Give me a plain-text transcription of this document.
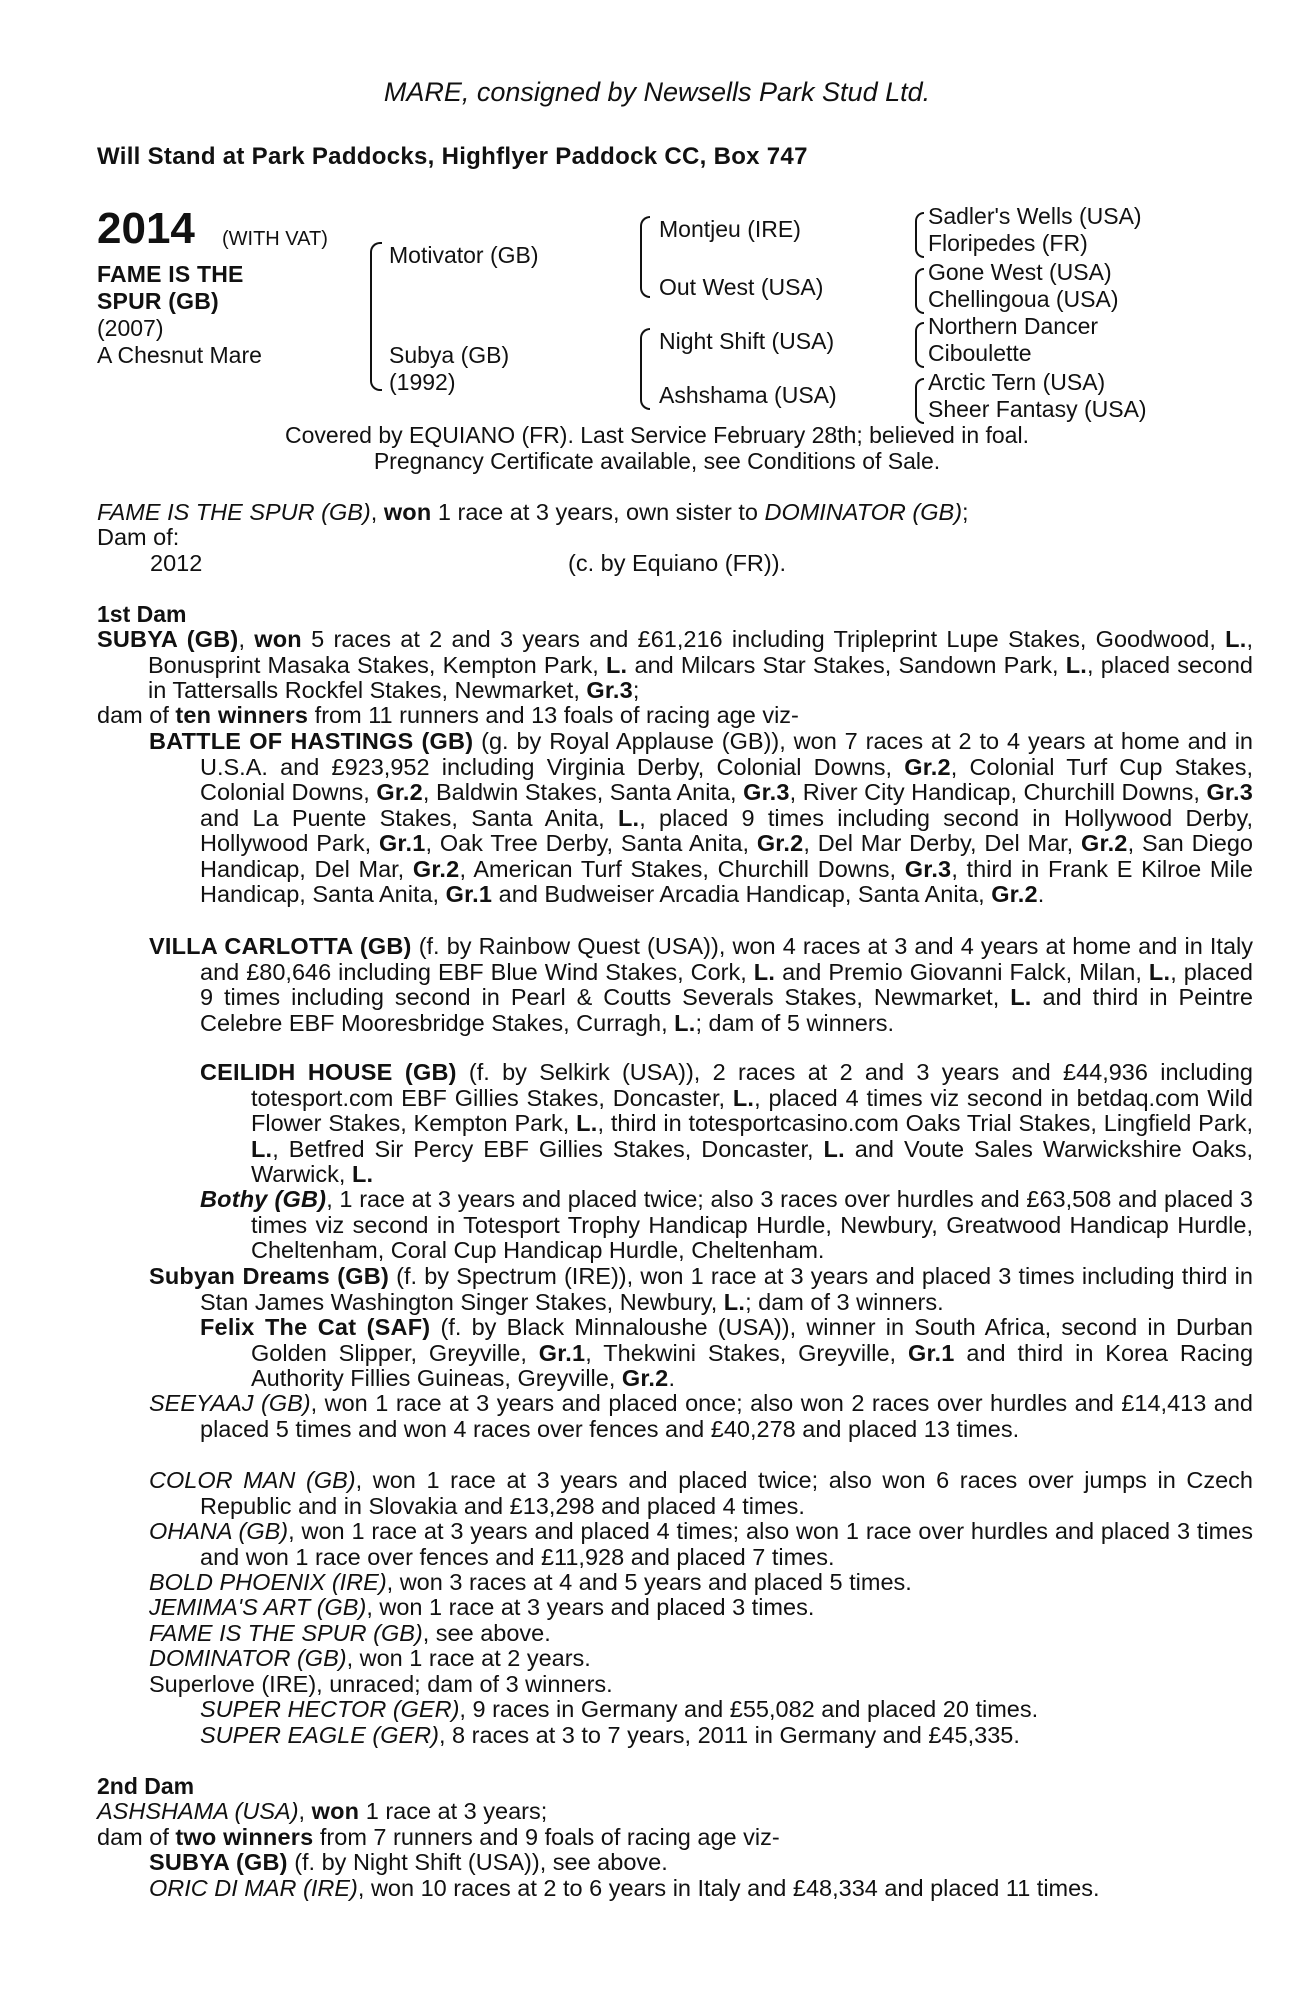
MARE, consigned by Newsells Park Stud Ltd.
Will Stand at Park Paddocks, Highflyer Paddock CC, Box 747
2014 (WITH VAT)
FAME IS THE
SPUR (GB)
(2007)
A Chesnut Mare
Motivator (GB)
Subya (GB)
(1992)
Montjeu (IRE)
Out West (USA)
Night Shift (USA)
Ashshama (USA)
Sadler's Wells (USA)
Floripedes (FR)
Gone West (USA)
Chellingoua (USA)
Northern Dancer
Ciboulette
Arctic Tern (USA)
Sheer Fantasy (USA)
Covered by EQUIANO (FR). Last Service February 28th; believed in foal.
Pregnancy Certificate available, see Conditions of Sale.
FAME IS THE SPUR (GB), won 1 race at 3 years, own sister to DOMINATOR (GB);
Dam of:
2012	(c. by Equiano (FR)).
1st Dam
SUBYA (GB), won 5 races at 2 and 3 years and £61,216 including Tripleprint Lupe Stakes, Goodwood, L., Bonusprint Masaka Stakes, Kempton Park, L. and Milcars Star Stakes, Sandown Park, L., placed second in Tattersalls Rockfel Stakes, Newmarket, Gr.3;
dam of ten winners from 11 runners and 13 foals of racing age viz-
BATTLE OF HASTINGS (GB) (g. by Royal Applause (GB)), won 7 races at 2 to 4 years at home and in U.S.A. and £923,952 including Virginia Derby, Colonial Downs, Gr.2, Colonial Turf Cup Stakes, Colonial Downs, Gr.2, Baldwin Stakes, Santa Anita, Gr.3, River City Handicap, Churchill Downs, Gr.3 and La Puente Stakes, Santa Anita, L., placed 9 times including second in Hollywood Derby, Hollywood Park, Gr.1, Oak Tree Derby, Santa Anita, Gr.2, Del Mar Derby, Del Mar, Gr.2, San Diego Handicap, Del Mar, Gr.2, American Turf Stakes, Churchill Downs, Gr.3, third in Frank E Kilroe Mile Handicap, Santa Anita, Gr.1 and Budweiser Arcadia Handicap, Santa Anita, Gr.2.
VILLA CARLOTTA (GB) (f. by Rainbow Quest (USA)), won 4 races at 3 and 4 years at home and in Italy and £80,646 including EBF Blue Wind Stakes, Cork, L. and Premio Giovanni Falck, Milan, L., placed 9 times including second in Pearl & Coutts Severals Stakes, Newmarket, L. and third in Peintre Celebre EBF Mooresbridge Stakes, Curragh, L.; dam of 5 winners.
CEILIDH HOUSE (GB) (f. by Selkirk (USA)), 2 races at 2 and 3 years and £44,936 including totesport.com EBF Gillies Stakes, Doncaster, L., placed 4 times viz second in betdaq.com Wild Flower Stakes, Kempton Park, L., third in totesportcasino.com Oaks Trial Stakes, Lingfield Park, L., Betfred Sir Percy EBF Gillies Stakes, Doncaster, L. and Voute Sales Warwickshire Oaks, Warwick, L.
Bothy (GB), 1 race at 3 years and placed twice; also 3 races over hurdles and £63,508 and placed 3 times viz second in Totesport Trophy Handicap Hurdle, Newbury, Greatwood Handicap Hurdle, Cheltenham, Coral Cup Handicap Hurdle, Cheltenham.
Subyan Dreams (GB) (f. by Spectrum (IRE)), won 1 race at 3 years and placed 3 times including third in Stan James Washington Singer Stakes, Newbury, L.; dam of 3 winners.
Felix The Cat (SAF) (f. by Black Minnaloushe (USA)), winner in South Africa, second in Durban Golden Slipper, Greyville, Gr.1, Thekwini Stakes, Greyville, Gr.1 and third in Korea Racing Authority Fillies Guineas, Greyville, Gr.2.
SEEYAAJ (GB), won 1 race at 3 years and placed once; also won 2 races over hurdles and £14,413 and placed 5 times and won 4 races over fences and £40,278 and placed 13 times.
COLOR MAN (GB), won 1 race at 3 years and placed twice; also won 6 races over jumps in Czech Republic and in Slovakia and £13,298 and placed 4 times.
OHANA (GB), won 1 race at 3 years and placed 4 times; also won 1 race over hurdles and placed 3 times and won 1 race over fences and £11,928 and placed 7 times.
BOLD PHOENIX (IRE), won 3 races at 4 and 5 years and placed 5 times.
JEMIMA'S ART (GB), won 1 race at 3 years and placed 3 times.
FAME IS THE SPUR (GB), see above.
DOMINATOR (GB), won 1 race at 2 years.
Superlove (IRE), unraced; dam of 3 winners.
SUPER HECTOR (GER), 9 races in Germany and £55,082 and placed 20 times.
SUPER EAGLE (GER), 8 races at 3 to 7 years, 2011 in Germany and £45,335.
2nd Dam
ASHSHAMA (USA), won 1 race at 3 years;
dam of two winners from 7 runners and 9 foals of racing age viz-
SUBYA (GB) (f. by Night Shift (USA)), see above.
ORIC DI MAR (IRE), won 10 races at 2 to 6 years in Italy and £48,334 and placed 11 times.
